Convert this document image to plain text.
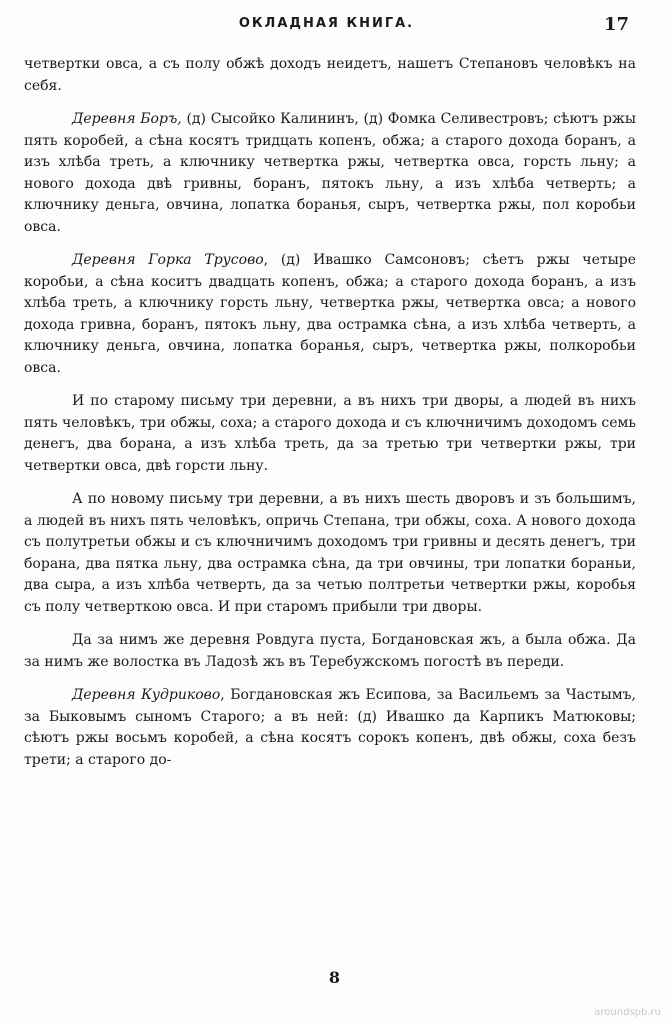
ОКЛАДНАЯ КНИГА.	17

четвертки овса, а съ полу обжѣ доходъ неидетъ, нашетъ Степановъ человѣкъ на себя.

Деревня Боръ, (д) Сысойко Калининъ, (д) Фомка Селивестровъ; сѣютъ ржы пять коробей, а сѣна косятъ тридцать копенъ, обжа; а старого дохода боранъ, а изъ хлѣба треть, а ключнику четвертка ржы, четвертка овса, горсть льну; а нового дохода двѣ гривны, боранъ, пятокъ льну, а изъ хлѣба четверть; а ключнику деньга, овчина, лопатка боранья, сыръ, четвертка ржы, пол коробьи овса.

Деревня Горка Трусово, (д) Ивашко Самсоновъ; сѣетъ ржы четыре коробьи, а сѣна коситъ двадцать копенъ, обжа; а старого дохода боранъ, а изъ хлѣба треть, а ключнику горсть льну, четвертка ржы, четвертка овса; а нового дохода гривна, боранъ, пятокъ льну, два острамка сѣна, а изъ хлѣба четверть, а ключнику деньга, овчина, лопатка боранья, сыръ, четвертка ржы, полкоробьи овса.

И по старому письму три деревни, а въ нихъ три дворы, а людей въ нихъ пять человѣкъ, три обжы, соха; а старого дохода и съ ключничимъ доходомъ семь денегъ, два борана, а изъ хлѣба треть, да за третью три четвертки ржы, три четвертки овса, двѣ горсти льну.

А по новому письму три деревни, а въ нихъ шесть дворовъ и зъ большимъ, а людей въ нихъ пять человѣкъ, опричь Степана, три обжы, соха. А нового дохода съ полутретьи обжы и съ ключничимъ доходомъ три гривны и десять денегъ, три борана, два пятка льну, два острамка сѣна, да три овчины, три лопатки бораньи, два сыра, а изъ хлѣба четверть, да за четью полтретьи четвертки ржы, коробья съ полу четверткою овса. И при старомъ прибыли три дворы.

Да за нимъ же деревня Ровдуга пуста, Богдановская жъ, а была обжа. Да за нимъ же волостка въ Ладозѣ жъ въ Теребужскомъ погостѣ въ переди.

Деревня Кудриково, Богдановская жъ Есипова, за Васильемъ за Частымъ, за Быковымъ сыномъ Старого; а въ ней: (д) Ивашко да Карпикъ Матюковы; сѣютъ ржы восьмъ коробей, а сѣна косятъ сорокъ копенъ, двѣ обжы, соха безъ трети; а старого до-

8
aroundspb.ru
